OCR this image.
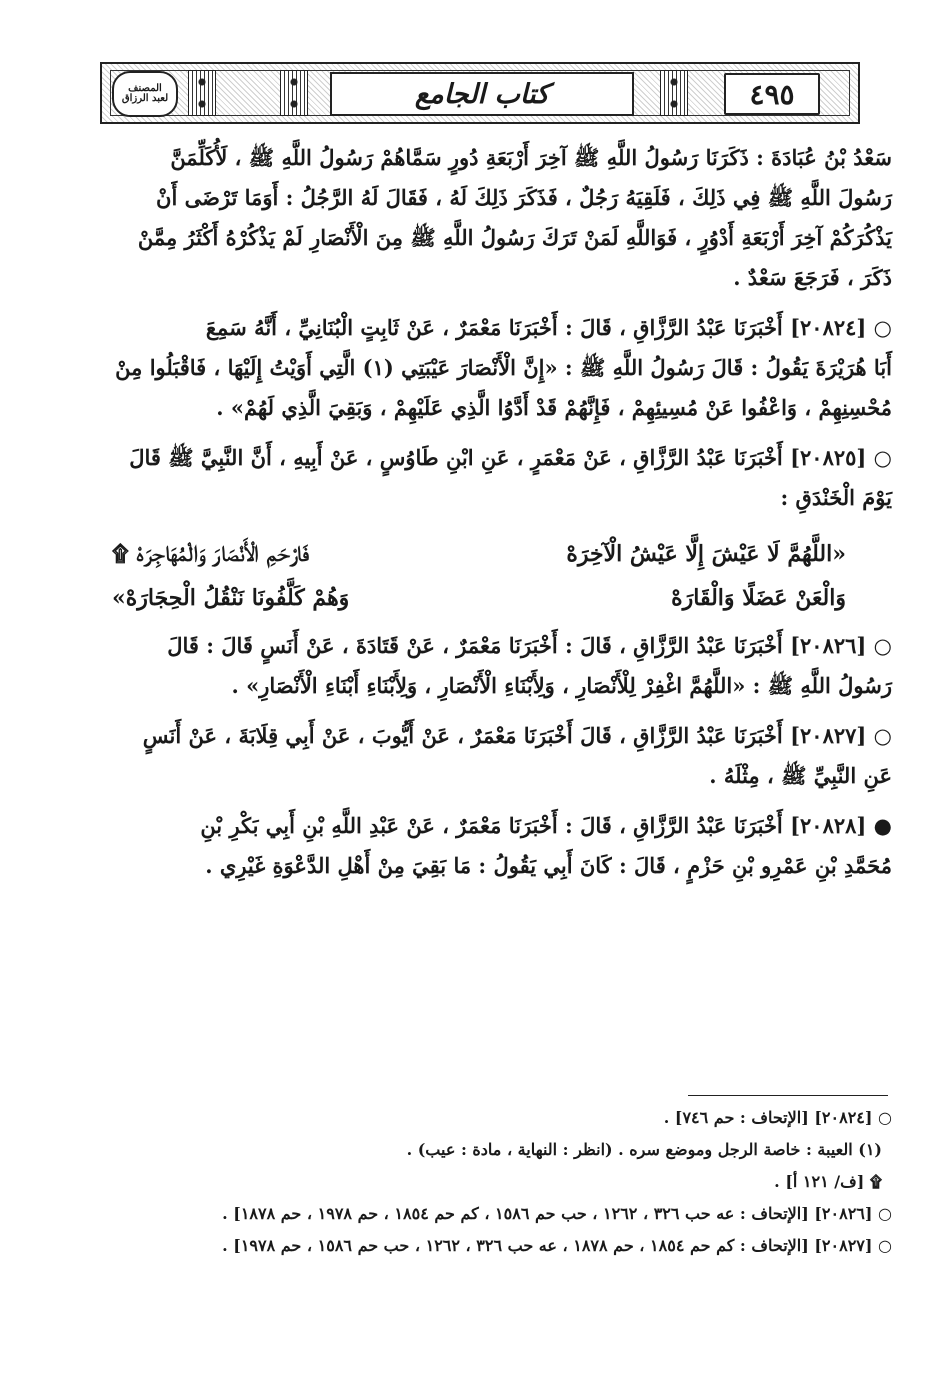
المصنف
لعبد الرزاق	كتاب الجامع	٤٩٥
سَعْدُ بْنُ عُبَادَةَ : ذَكَرَنَا رَسُولُ اللَّهِ ﷺ آخِرَ أَرْبَعَةِ دُورٍ سَمَّاهُمْ رَسُولُ اللَّهِ ﷺ ، لَأُكَلِّمَنَّ
رَسُولَ اللَّهِ ﷺ فِي ذَلِكَ ، فَلَقِيَهُ رَجُلٌ ، فَذَكَرَ ذَلِكَ لَهُ ، فَقَالَ لَهُ الرَّجُلُ : أَوَمَا تَرْضَى أَنْ
يَذْكُرَكُمْ آخِرَ أَرْبَعَةِ أَدْوُرٍ ، فَوَاللَّهِ لَمَنْ تَرَكَ رَسُولُ اللَّهِ ﷺ مِنَ الْأَنْصَارِ لَمْ يَذْكُرْهُ أَكْثَرُ مِمَّنْ
ذَكَرَ ، فَرَجَعَ سَعْدٌ .
○ [٢٠٨٢٤] أَخْبَرَنَا عَبْدُ الرَّزَّاقِ ، قَالَ : أَخْبَرَنَا مَعْمَرٌ ، عَنْ ثَابِتٍ الْبُنَانِيِّ ، أَنَّهُ سَمِعَ
أَبَا هُرَيْرَةَ يَقُولُ : قَالَ رَسُولُ اللَّهِ ﷺ : «إِنَّ الْأَنْصَارَ عَيْبَتِي (١) الَّتِي أَوَيْتُ إِلَيْهَا ، فَاقْبَلُوا مِنْ
مُحْسِنِهِمْ ، وَاعْفُوا عَنْ مُسِيئِهِمْ ، فَإِنَّهُمْ قَدْ أَدَّوُا الَّذِي عَلَيْهِمْ ، وَبَقِيَ الَّذِي لَهُمْ» .
○ [٢٠٨٢٥] أَخْبَرَنَا عَبْدُ الرَّزَّاقِ ، عَنْ مَعْمَرٍ ، عَنِ ابْنِ طَاوُسٍ ، عَنْ أَبِيهِ ، أَنَّ النَّبِيَّ ﷺ قَالَ
يَوْمَ الْخَنْدَقِ :
«اللَّهُمَّ لَا عَيْشَ إِلَّا عَيْشُ الْآخِرَهْ
فَارْحَمِ الْأَنْصَارَ وَالْمُهَاجِرَهْ ۩
وَالْعَنْ عَضَلًا وَالْقَارَهْ
وَهُمْ كَلَّفُونَا نَنْقُلُ الْحِجَارَهْ»
○ [٢٠٨٢٦] أَخْبَرَنَا عَبْدُ الرَّزَّاقِ ، قَالَ : أَخْبَرَنَا مَعْمَرٌ ، عَنْ قَتَادَةَ ، عَنْ أَنَسٍ قَالَ : قَالَ
رَسُولُ اللَّهِ ﷺ : «اللَّهُمَّ اغْفِرْ لِلْأَنْصَارِ ، وَلِأَبْنَاءِ الْأَنْصَارِ ، وَلِأَبْنَاءِ أَبْنَاءِ الْأَنْصَارِ» .
○ [٢٠٨٢٧] أَخْبَرَنَا عَبْدُ الرَّزَّاقِ ، قَالَ أَخْبَرَنَا مَعْمَرٌ ، عَنْ أَيُّوبَ ، عَنْ أَبِي قِلَابَةَ ، عَنْ أَنَسٍ
عَنِ النَّبِيِّ ﷺ ، مِثْلَهُ .
● [٢٠٨٢٨] أَخْبَرَنَا عَبْدُ الرَّزَّاقِ ، قَالَ : أَخْبَرَنَا مَعْمَرٌ ، عَنْ عَبْدِ اللَّهِ بْنِ أَبِي بَكْرِ بْنِ
مُحَمَّدِ بْنِ عَمْرِو بْنِ حَزْمٍ ، قَالَ : كَانَ أَبِي يَقُولُ : مَا بَقِيَ مِنْ أَهْلِ الدَّعْوَةِ غَيْرِي .
○ [٢٠٨٢٤] [الإتحاف : حم ٧٤٦] .
(١) العيبة : خاصة الرجل وموضع سره . (انظر : النهاية ، مادة : عيب) .
۩ [ف/ ١٢١ أ] .
○ [٢٠٨٢٦] [الإتحاف : عه حب ٣٢٦ ، ١٢٦٢ ، حب حم ١٥٨٦ ، كم حم ١٨٥٤ ، حم ١٩٧٨ ، حم ١٨٧٨] .
○ [٢٠٨٢٧] [الإتحاف : كم حم ١٨٥٤ ، حم ١٨٧٨ ، عه حب ٣٢٦ ، ١٢٦٢ ، حب حم ١٥٨٦ ، حم ١٩٧٨] .
